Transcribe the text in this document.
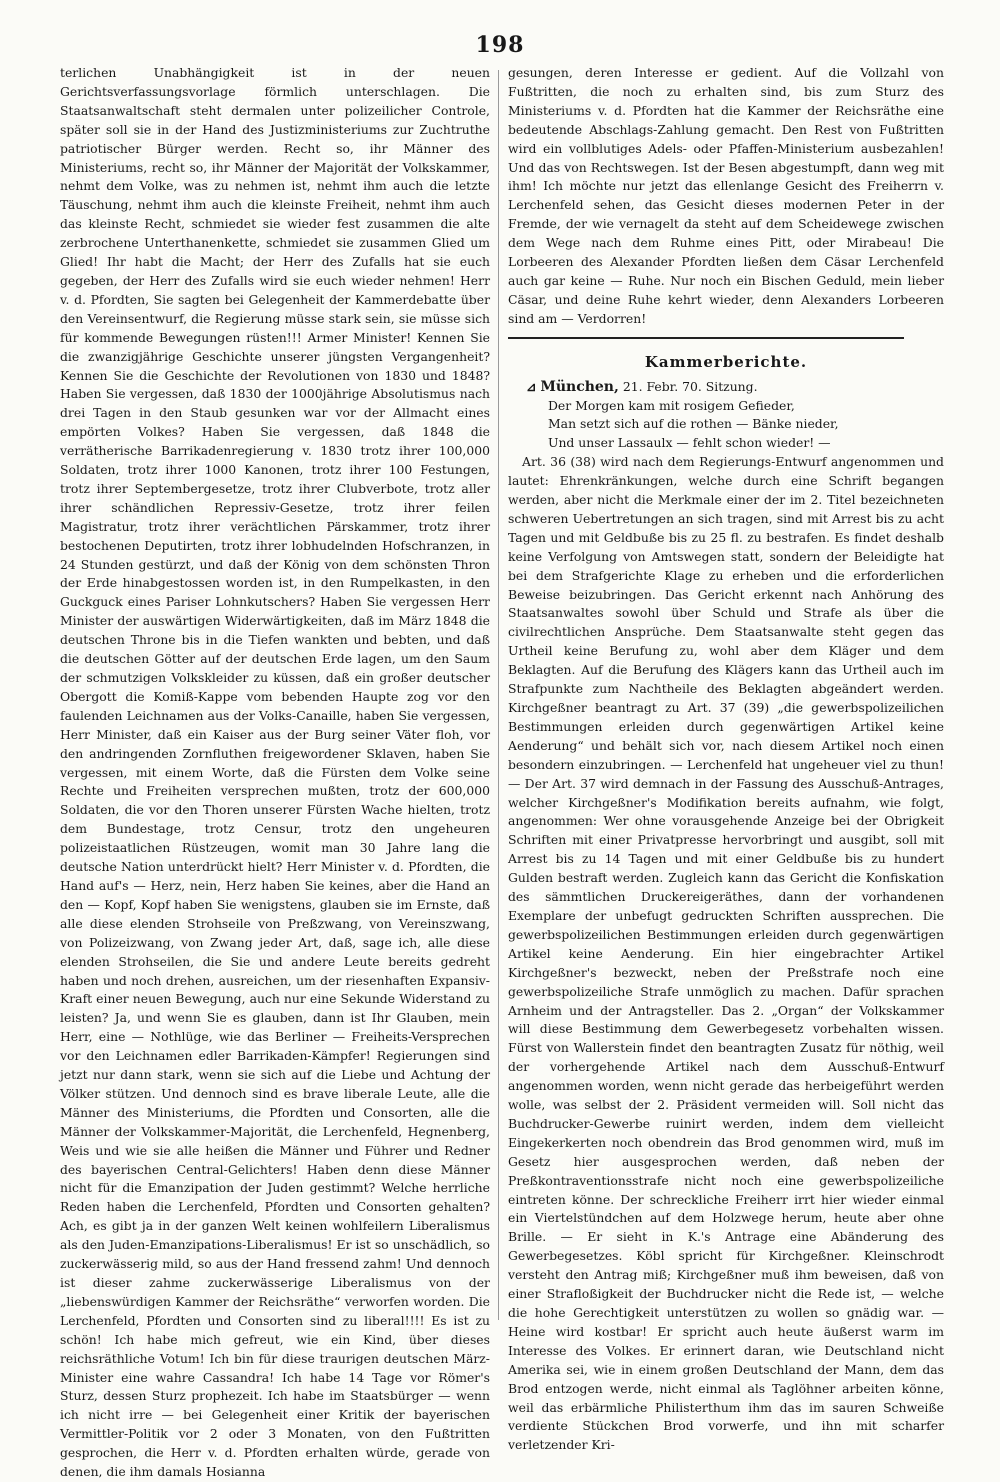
198

terlichen Unabhängigkeit ist in der neuen Gerichtsverfassungsvorlage förmlich unterschlagen. Die Staatsanwaltschaft steht dermalen unter polizeilicher Controle, später soll sie in der Hand des Justizministeriums zur Zuchtruthe patriotischer Bürger werden. Recht so, ihr Männer des Ministeriums, recht so, ihr Männer der Majorität der Volkskammer, nehmt dem Volke, was zu nehmen ist, nehmt ihm auch die letzte Täuschung, nehmt ihm auch die kleinste Freiheit, nehmt ihm auch das kleinste Recht, schmiedet sie wieder fest zusammen die alte zerbrochene Unterthanenkette, schmiedet sie zusammen Glied um Glied! Ihr habt die Macht; der Herr des Zufalls hat sie euch gegeben, der Herr des Zufalls wird sie euch wieder nehmen! Herr v. d. Pfordten, Sie sagten bei Gelegenheit der Kammerdebatte über den Vereinsentwurf, die Regierung müsse stark sein, sie müsse sich für kommende Bewegungen rüsten!!! Armer Minister! Kennen Sie die zwanzigjährige Geschichte unserer jüngsten Vergangenheit? Kennen Sie die Geschichte der Revolutionen von 1830 und 1848? Haben Sie vergessen, daß 1830 der 1000jährige Absolutismus nach drei Tagen in den Staub gesunken war vor der Allmacht eines empörten Volkes? Haben Sie vergessen, daß 1848 die verrätherische Barrikadenregierung v. 1830 trotz ihrer 100,000 Soldaten, trotz ihrer 1000 Kanonen, trotz ihrer 100 Festungen, trotz ihrer Septembergesetze, trotz ihrer Clubverbote, trotz aller ihrer schändlichen Repressiv-Gesetze, trotz ihrer feilen Magistratur, trotz ihrer verächtlichen Pärskammer, trotz ihrer bestochenen Deputirten, trotz ihrer lobhudelnden Hofschranzen, in 24 Stunden gestürzt, und daß der König von dem schönsten Thron der Erde hinabgestossen worden ist, in den Rumpelkasten, in den Guckguck eines Pariser Lohnkutschers? Haben Sie vergessen Herr Minister der auswärtigen Widerwärtigkeiten, daß im März 1848 die deutschen Throne bis in die Tiefen wankten und bebten, und daß die deutschen Götter auf der deutschen Erde lagen, um den Saum der schmutzigen Volkskleider zu küssen, daß ein großer deutscher Obergott die Komiß-Kappe vom bebenden Haupte zog vor den faulenden Leichnamen aus der Volks-Canaille, haben Sie vergessen, Herr Minister, daß ein Kaiser aus der Burg seiner Väter floh, vor den andringenden Zornfluthen freigewordener Sklaven, haben Sie vergessen, mit einem Worte, daß die Fürsten dem Volke seine Rechte und Freiheiten versprechen mußten, trotz der 600,000 Soldaten, die vor den Thoren unserer Fürsten Wache hielten, trotz dem Bundestage, trotz Censur, trotz den ungeheuren polizeistaatlichen Rüstzeugen, womit man 30 Jahre lang die deutsche Nation unterdrückt hielt? Herr Minister v. d. Pfordten, die Hand auf's — Herz, nein, Herz haben Sie keines, aber die Hand an den — Kopf, Kopf haben Sie wenigstens, glauben sie im Ernste, daß alle diese elenden Strohseile von Preßzwang, von Vereinszwang, von Polizeizwang, von Zwang jeder Art, daß, sage ich, alle diese elenden Strohseilen, die Sie und andere Leute bereits gedreht haben und noch drehen, ausreichen, um der riesenhaften Expansiv-Kraft einer neuen Bewegung, auch nur eine Sekunde Widerstand zu leisten? Ja, und wenn Sie es glauben, dann ist Ihr Glauben, mein Herr, eine — Nothlüge, wie das Berliner — Freiheits-Versprechen vor den Leichnamen edler Barrikaden-Kämpfer! Regierungen sind jetzt nur dann stark, wenn sie sich auf die Liebe und Achtung der Völker stützen. Und dennoch sind es brave liberale Leute, alle die Männer des Ministeriums, die Pfordten und Consorten, alle die Männer der Volkskammer-Majorität, die Lerchenfeld, Hegnenberg, Weis und wie sie alle heißen die Männer und Führer und Redner des bayerischen Central-Gelichters! Haben denn diese Männer nicht für die Emanzipation der Juden gestimmt? Welche herrliche Reden haben die Lerchenfeld, Pfordten und Consorten gehalten? Ach, es gibt ja in der ganzen Welt keinen wohlfeilern Liberalismus als den Juden-Emanzipations-Liberalismus! Er ist so unschädlich, so zuckerwässerig mild, so aus der Hand fressend zahm! Und dennoch ist dieser zahme zuckerwässerige Liberalismus von der „liebenswürdigen Kammer der Reichsräthe“ verworfen worden. Die Lerchenfeld, Pfordten und Consorten sind zu liberal!!!! Es ist zu schön! Ich habe mich gefreut, wie ein Kind, über dieses reichsräthliche Votum! Ich bin für diese traurigen deutschen März-Minister eine wahre Cassandra! Ich habe 14 Tage vor Römer's Sturz, dessen Sturz prophezeit. Ich habe im Staatsbürger — wenn ich nicht irre — bei Gelegenheit einer Kritik der bayerischen Vermittler-Politik vor 2 oder 3 Monaten, von den Fußtritten gesprochen, die Herr v. d. Pfordten erhalten würde, gerade von denen, die ihm damals Hosianna

gesungen, deren Interesse er gedient. Auf die Vollzahl von Fußtritten, die noch zu erhalten sind, bis zum Sturz des Ministeriums v. d. Pfordten hat die Kammer der Reichsräthe eine bedeutende Abschlags-Zahlung gemacht. Den Rest von Fußtritten wird ein vollblutiges Adels- oder Pfaffen-Ministerium ausbezahlen! Und das von Rechtswegen. Ist der Besen abgestumpft, dann weg mit ihm! Ich möchte nur jetzt das ellenlange Gesicht des Freiherrn v. Lerchenfeld sehen, das Gesicht dieses modernen Peter in der Fremde, der wie vernagelt da steht auf dem Scheidewege zwischen dem Wege nach dem Ruhme eines Pitt, oder Mirabeau! Die Lorbeeren des Alexander Pfordten ließen dem Cäsar Lerchenfeld auch gar keine — Ruhe. Nur noch ein Bischen Geduld, mein lieber Cäsar, und deine Ruhe kehrt wieder, denn Alexanders Lorbeeren sind am — Verdorren!

Kammerberichte.

⊿ München, 21. Febr. 70. Sitzung.

Der Morgen kam mit rosigem Gefieder,
Man setzt sich auf die rothen — Bänke nieder,
Und unser Lassaulx — fehlt schon wieder! —

Art. 36 (38) wird nach dem Regierungs-Entwurf angenommen und lautet: Ehrenkränkungen, welche durch eine Schrift begangen werden, aber nicht die Merkmale einer der im 2. Titel bezeichneten schweren Uebertretungen an sich tragen, sind mit Arrest bis zu acht Tagen und mit Geldbuße bis zu 25 fl. zu bestrafen. Es findet deshalb keine Verfolgung von Amtswegen statt, sondern der Beleidigte hat bei dem Strafgerichte Klage zu erheben und die erforderlichen Beweise beizubringen. Das Gericht erkennt nach Anhörung des Staatsanwaltes sowohl über Schuld und Strafe als über die civilrechtlichen Ansprüche. Dem Staatsanwalte steht gegen das Urtheil keine Berufung zu, wohl aber dem Kläger und dem Beklagten. Auf die Berufung des Klägers kann das Urtheil auch im Strafpunkte zum Nachtheile des Beklagten abgeändert werden. Kirchgeßner beantragt zu Art. 37 (39) „die gewerbspolizeilichen Bestimmungen erleiden durch gegenwärtigen Artikel keine Aenderung“ und behält sich vor, nach diesem Artikel noch einen besondern einzubringen. — Lerchenfeld hat ungeheuer viel zu thun! — Der Art. 37 wird demnach in der Fassung des Ausschuß-Antrages, welcher Kirchgeßner's Modifikation bereits aufnahm, wie folgt, angenommen: Wer ohne vorausgehende Anzeige bei der Obrigkeit Schriften mit einer Privatpresse hervorbringt und ausgibt, soll mit Arrest bis zu 14 Tagen und mit einer Geldbuße bis zu hundert Gulden bestraft werden. Zugleich kann das Gericht die Konfiskation des sämmtlichen Druckereigeräthes, dann der vorhandenen Exemplare der unbefugt gedruckten Schriften aussprechen. Die gewerbspolizeilichen Bestimmungen erleiden durch gegenwärtigen Artikel keine Aenderung. Ein hier eingebrachter Artikel Kirchgeßner's bezweckt, neben der Preßstrafe noch eine gewerbspolizeiliche Strafe unmöglich zu machen. Dafür sprachen Arnheim und der Antragsteller. Das 2. „Organ“ der Volkskammer will diese Bestimmung dem Gewerbegesetz vorbehalten wissen. Fürst von Wallerstein findet den beantragten Zusatz für nöthig, weil der vorhergehende Artikel nach dem Ausschuß-Entwurf angenommen worden, wenn nicht gerade das herbeigeführt werden wolle, was selbst der 2. Präsident vermeiden will. Soll nicht das Buchdrucker-Gewerbe ruinirt werden, indem dem vielleicht Eingekerkerten noch obendrein das Brod genommen wird, muß im Gesetz hier ausgesprochen werden, daß neben der Preßkontraventionsstrafe nicht noch eine gewerbspolizeiliche eintreten könne. Der schreckliche Freiherr irrt hier wieder einmal ein Viertelstündchen auf dem Holzwege herum, heute aber ohne Brille. — Er sieht in K.'s Antrage eine Abänderung des Gewerbegesetzes. Köbl spricht für Kirchgeßner. Kleinschrodt versteht den Antrag miß; Kirchgeßner muß ihm beweisen, daß von einer Strafloßigkeit der Buchdrucker nicht die Rede ist, — welche die hohe Gerechtigkeit unterstützen zu wollen so gnädig war. — Heine wird kostbar! Er spricht auch heute äußerst warm im Interesse des Volkes. Er erinnert daran, wie Deutschland nicht Amerika sei, wie in einem großen Deutschland der Mann, dem das Brod entzogen werde, nicht einmal als Taglöhner arbeiten könne, weil das erbärmliche Philisterthum ihm das im sauren Schweiße verdiente Stückchen Brod vorwerfe, und ihn mit scharfer verletzender Kri-
